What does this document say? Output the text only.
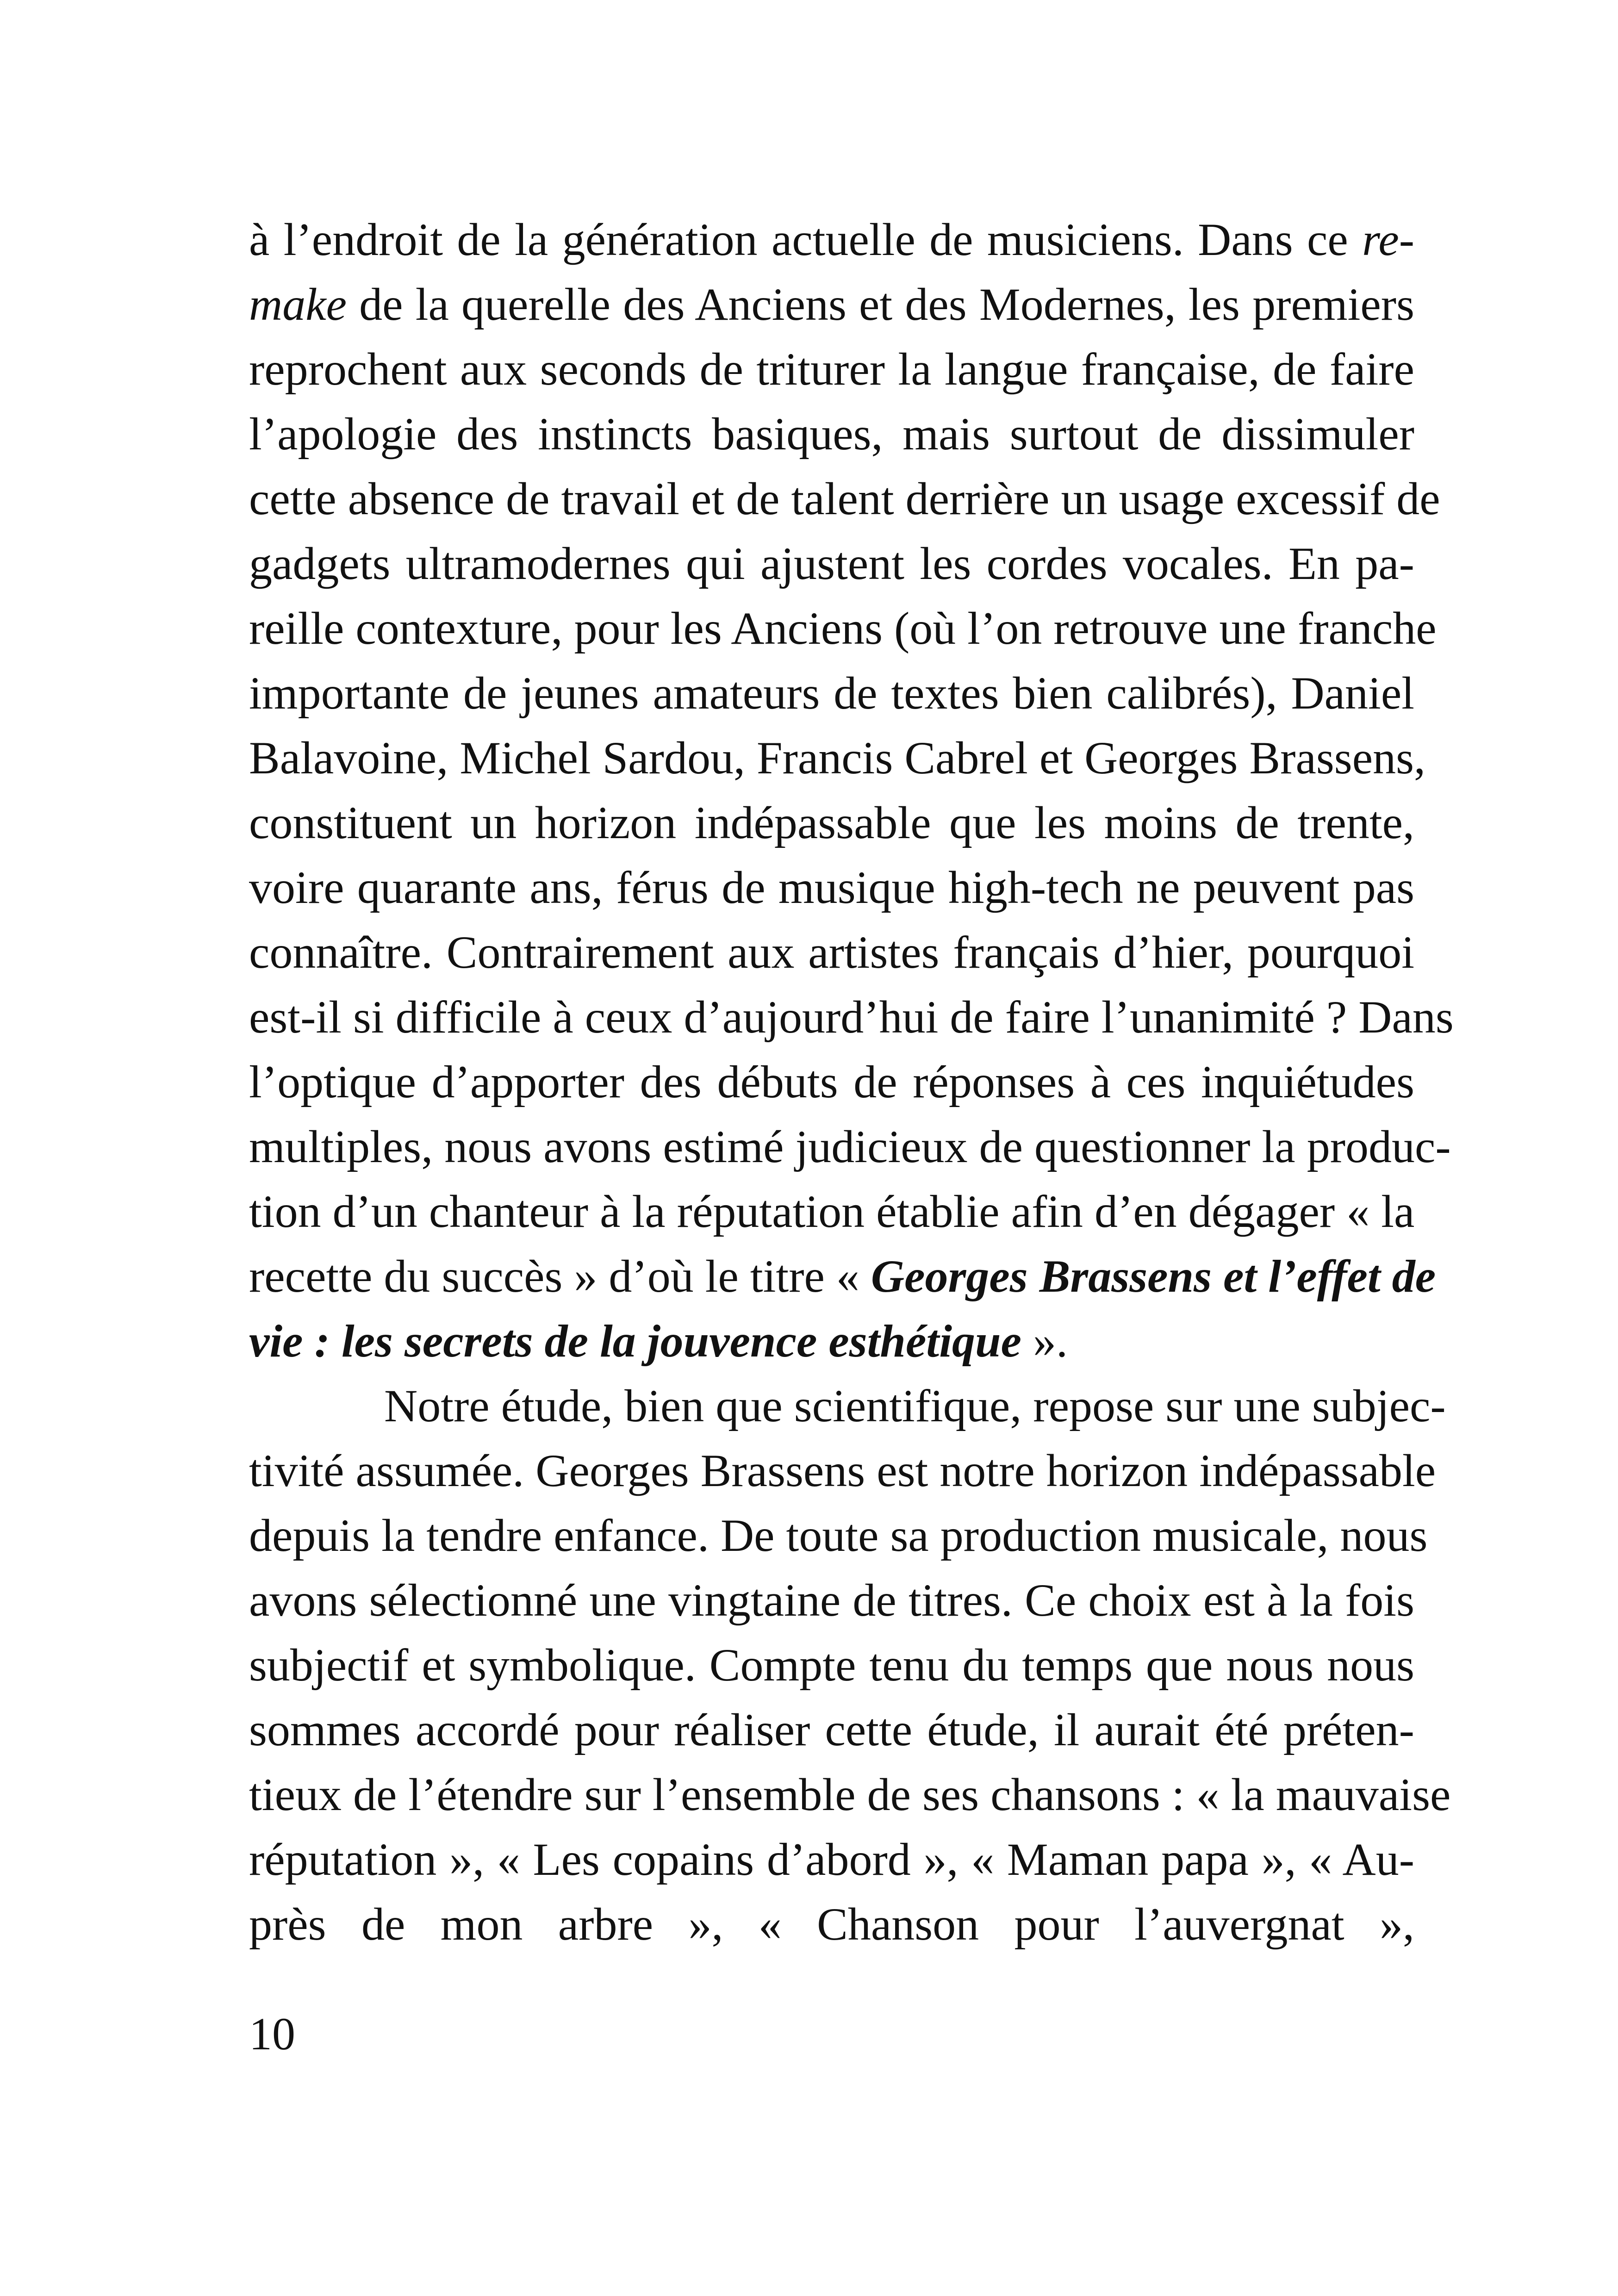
à l’endroit de la génération actuelle de musiciens. Dans ce re-
make de la querelle des Anciens et des Modernes, les premiers
reprochent aux seconds de triturer la langue française, de faire
l’apologie des instincts basiques, mais surtout de dissimuler
cette absence de travail et de talent derrière un usage excessif de
gadgets ultramodernes qui ajustent les cordes vocales. En pa-
reille contexture, pour les Anciens (où l’on retrouve une franche
importante de jeunes amateurs de textes bien calibrés), Daniel
Balavoine, Michel Sardou, Francis Cabrel et Georges Brassens,
constituent un horizon indépassable que les moins de trente,
voire quarante ans, férus de musique high-tech ne peuvent pas
connaître. Contrairement aux artistes français d’hier, pourquoi
est-il si difficile à ceux d’aujourd’hui de faire l’unanimité ? Dans
l’optique d’apporter des débuts de réponses à ces inquiétudes
multiples, nous avons estimé judicieux de questionner la produc-
tion d’un chanteur à la réputation établie afin d’en dégager « la
recette du succès » d’où le titre « Georges Brassens et l’effet de
vie : les secrets de la jouvence esthétique ».
Notre étude, bien que scientifique, repose sur une subjec-
tivité assumée. Georges Brassens est notre horizon indépassable
depuis la tendre enfance. De toute sa production musicale, nous
avons sélectionné une vingtaine de titres. Ce choix est à la fois
subjectif et symbolique. Compte tenu du temps que nous nous
sommes accordé pour réaliser cette étude, il aurait été préten-
tieux de l’étendre sur l’ensemble de ses chansons : « la mauvaise
réputation », « Les copains d’abord », « Maman papa », « Au-
près de mon arbre », « Chanson pour l’auvergnat »,
10
